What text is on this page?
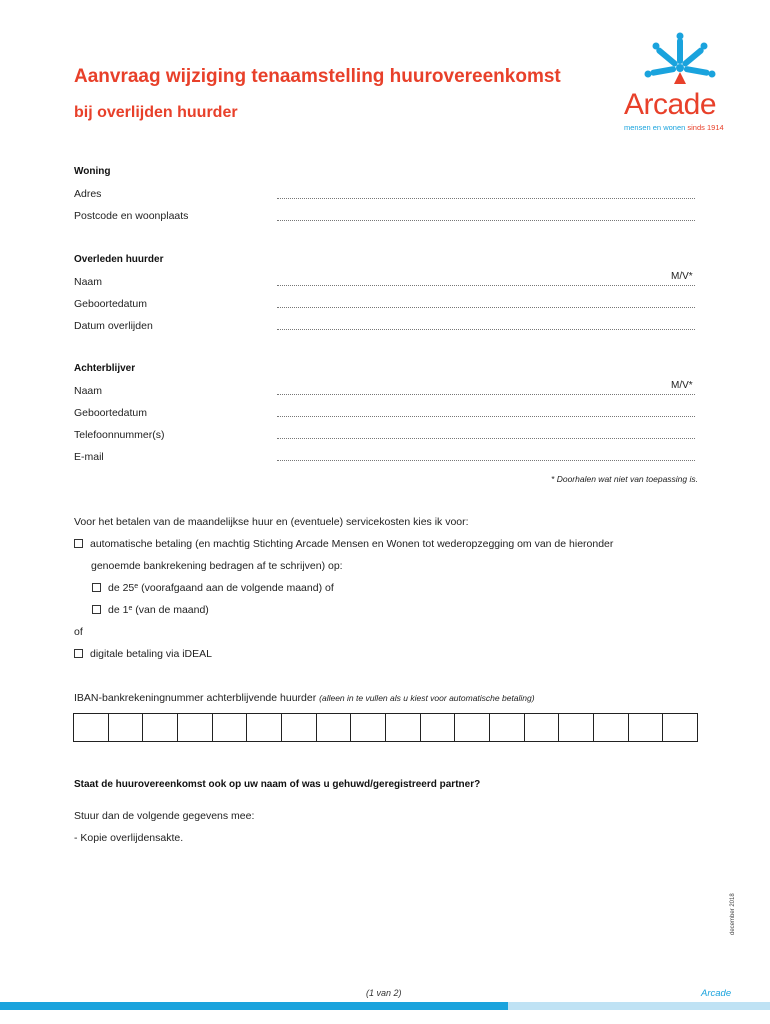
Aanvraag wijziging tenaamstelling huurovereenkomst
bij overlijden huurder	Arcade
mensen en wonen sinds 1914
Woning
Adres
Postcode en woonplaats
Overleden huurder
Naam	M/V*
Geboortedatum
Datum overlijden
Achterblijver
Naam	M/V*
Geboortedatum
Telefoonnummer(s)
E-mail
* Doorhalen wat niet van toepassing is.
Voor het betalen van de maandelijkse huur en (eventuele) servicekosten kies ik voor:
automatische betaling (en machtig Stichting Arcade Mensen en Wonen tot wederopzegging om van de hieronder
genoemde bankrekening bedragen af te schrijven) op:
de 25e (voorafgaand aan de volgende maand) of
de 1e (van de maand)
of
digitale betaling via iDEAL
IBAN-bankrekeningnummer achterblijvende huurder (alleen in te vullen als u kiest voor automatische betaling)
Staat de huurovereenkomst ook op uw naam of was u gehuwd/geregistreerd partner?
Stuur dan de volgende gegevens mee:
- Kopie overlijdensakte.
december 2018
(1 van 2)	Arcade
